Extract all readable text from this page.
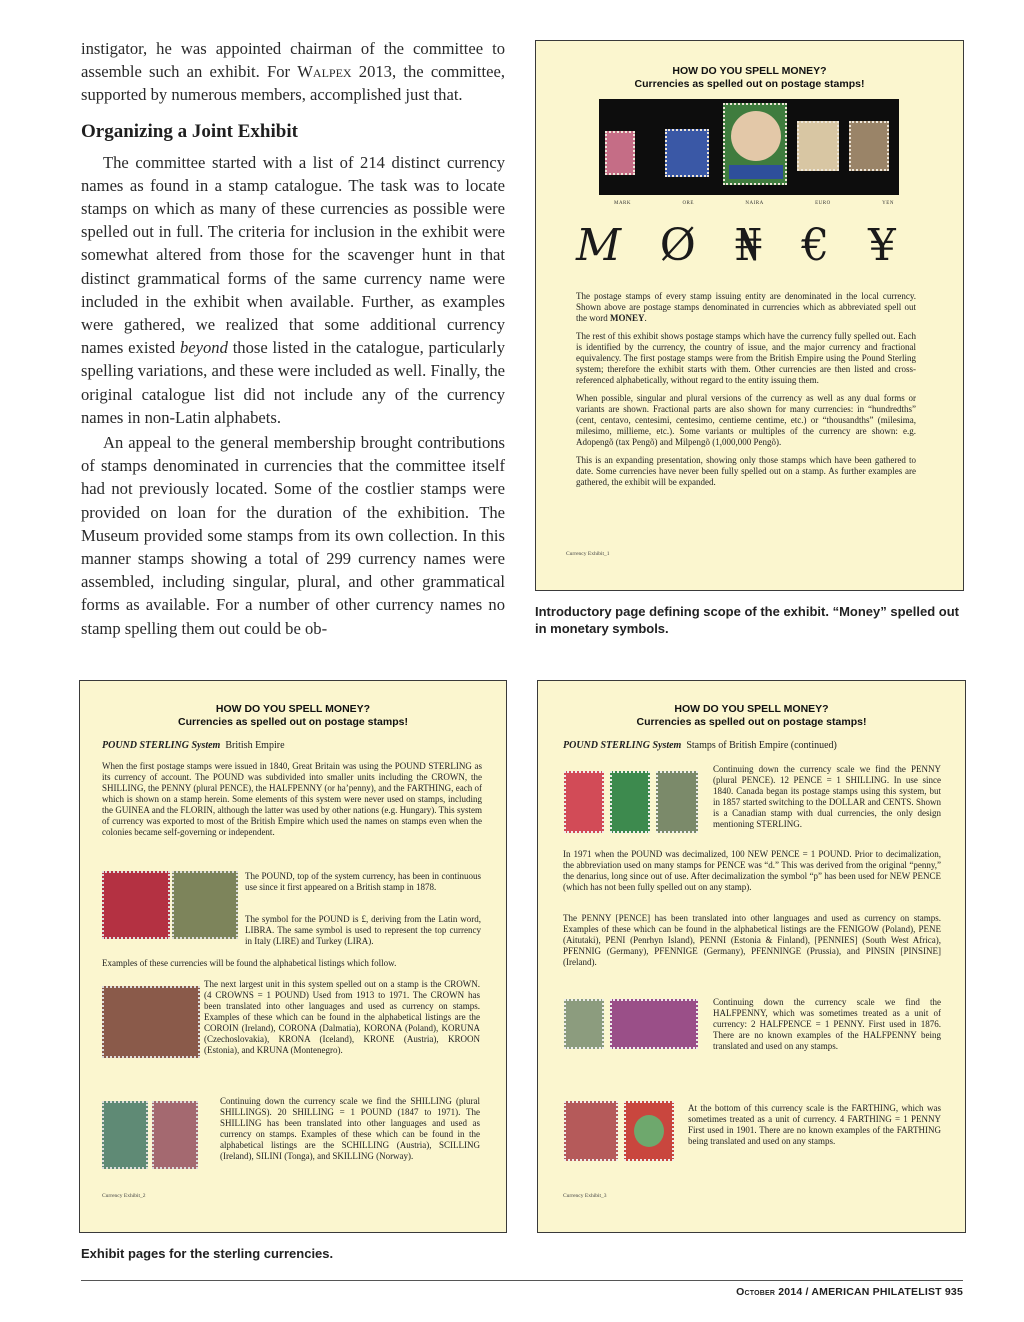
instigator, he was appointed chairman of the committee to assemble such an exhibit. For Walpex 2013, the committee, supported by numerous members, accomplished just that.

Organizing a Joint Exhibit

The committee started with a list of 214 distinct currency names as found in a stamp catalogue. The task was to locate stamps on which as many of these currencies as possible were spelled out in full. The criteria for inclusion in the exhibit were somewhat altered from those for the scavenger hunt in that distinct grammatical forms of the same currency name were included in the exhibit when available. Further, as examples were gathered, we realized that some additional currency names existed beyond those listed in the catalogue, particularly spelling variations, and these were included as well. Finally, the original catalogue list did not include any of the currency names in non-Latin alphabets.

An appeal to the general membership brought contributions of stamps denominated in currencies that the committee itself had not previously located. Some of the costlier stamps were provided on loan for the duration of the exhibition. The Museum provided some stamps from its own collection. In this manner stamps showing a total of 299 currency names were assembled, including singular, plural, and other grammatical forms as available. For a number of other currency names no stamp spelling them out could be ob-

HOW DO YOU SPELL MONEY?
Currencies as spelled out on postage stamps!
MARK	ORE	NAIRA	EURO	YEN
M Ø ₦ € ¥

The postage stamps of every stamp issuing entity are denominated in the local currency. Shown above are postage stamps denominated in currencies which as abbreviated spell out the word MONEY.

The rest of this exhibit shows postage stamps which have the currency fully spelled out. Each is identified by the currency, the country of issue, and the major currency and fractional equivalency. The first postage stamps were from the British Empire using the Pound Sterling system; therefore the exhibit starts with them. Other currencies are then listed and cross-referenced alphabetically, without regard to the entity issuing them.

When possible, singular and plural versions of the currency as well as any dual forms or variants are shown. Fractional parts are also shown for many currencies: in “hundredths” (cent, centavo, centesimi, centesimo, centieme centime, etc.) or “thousandths” (milesima, milesimo, millieme, etc.). Some variants or multiples of the currency are shown: e.g. Adopengõ (tax Pengõ) and Milpengõ (1,000,000 Pengõ).

This is an expanding presentation, showing only those stamps which have been gathered to date. Some currencies have never been fully spelled out on a stamp. As further examples are gathered, the exhibit will be expanded.

Currency Exhibit_1
Introductory page defining scope of the exhibit. “Money” spelled out in monetary symbols.
HOW DO YOU SPELL MONEY?
Currencies as spelled out on postage stamps!
POUND STERLING System British Empire

When the first postage stamps were issued in 1840, Great Britain was using the POUND STERLING as its currency of account. The POUND was subdivided into smaller units including the CROWN, the SHILLING, the PENNY (plural PENCE), the HALFPENNY (or ha’penny), and the FARTHING, each of which is shown on a stamp herein. Some elements of this system were never used on stamps, including the GUINEA and the FLORIN, although the latter was used by other nations (e.g. Hungary). This system of currency was exported to most of the British Empire which used the names on stamps even when the colonies became self-governing or independent.

The POUND, top of the system currency, has been in continuous use since it first appeared on a British stamp in 1878.

The symbol for the POUND is £, deriving from the Latin word, LIBRA. The same symbol is used to represent the top currency in Italy (LIRE) and Turkey (LIRA).

Examples of these currencies will be found the alphabetical listings which follow.

The next largest unit in this system spelled out on a stamp is the CROWN. (4 CROWNS = 1 POUND) Used from 1913 to 1971. The CROWN has been translated into other languages and used as currency on stamps. Examples of these which can be found in the alphabetical listings are the COROIN (Ireland), CORONA (Dalmatia), KORONA (Poland), KORUNA (Czechoslovakia), KRONA (Iceland), KRONE (Austria), KROON (Estonia), and KRUNA (Montenegro).

Continuing down the currency scale we find the SHILLING (plural SHILLINGS). 20 SHILLING = 1 POUND (1847 to 1971). The SHILLING has been translated into other languages and used as currency on stamps. Examples of these which can be found in the alphabetical listings are the SCHILLING (Austria), SCILLING (Ireland), SILINI (Tonga), and SKILLING (Norway).

Currency Exhibit_2
HOW DO YOU SPELL MONEY?
Currencies as spelled out on postage stamps!
POUND STERLING System Stamps of British Empire (continued)

Continuing down the currency scale we find the PENNY (plural PENCE). 12 PENCE = 1 SHILLING. In use since 1840. Canada began its postage stamps using this system, but in 1857 started switching to the DOLLAR and CENTS. Shown is a Canadian stamp with dual currencies, the only design mentioning STERLING.

In 1971 when the POUND was decimalized, 100 NEW PENCE = 1 POUND. Prior to decimalization, the abbreviation used on many stamps for PENCE was “d.” This was derived from the original “penny,” the denarius, long since out of use. After decimalization the symbol “p” has been used for NEW PENCE (which has not been fully spelled out on any stamp).

The PENNY [PENCE] has been translated into other languages and used as currency on stamps. Examples of these which can be found in the alphabetical listings are the FENIGOW (Poland), PENE (Aitutaki), PENI (Penrhyn Island), PENNI (Estonia & Finland), [PENNIES] (South West Africa), PFENNIG (Germany), PFENNIGE (Germany), PFENNINGE (Prussia), and PINSIN [PINSINE] (Ireland).

Continuing down the currency scale we find the HALFPENNY, which was sometimes treated as a unit of currency: 2 HALFPENCE = 1 PENNY. First used in 1876. There are no known examples of the HALFPENNY being translated and used on any stamps.

At the bottom of this currency scale is the FARTHING, which was sometimes treated as a unit of currency. 4 FARTHING = 1 PENNY First used in 1901. There are no known examples of the FARTHING being translated and used on any stamps.

Currency Exhibit_3
Exhibit pages for the sterling currencies.
October 2014 / AMERICAN PHILATELIST 935
